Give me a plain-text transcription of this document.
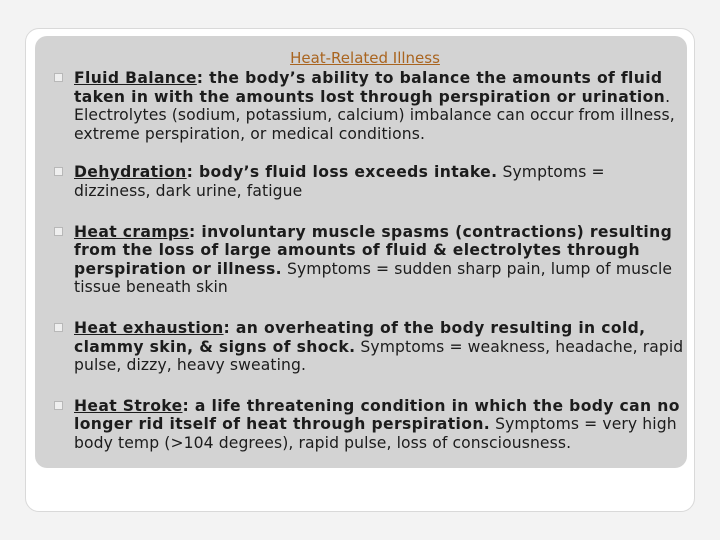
Heat-Related Illness
Fluid Balance: the body’s ability to balance the amounts of fluid taken in with the amounts lost through perspiration or urination. Electrolytes (sodium, potassium, calcium) imbalance can occur from illness, extreme perspiration, or medical conditions.
Dehydration: body’s fluid loss exceeds intake. Symptoms = dizziness, dark urine, fatigue
Heat cramps: involuntary muscle spasms (contractions) resulting from the loss of large amounts of fluid & electrolytes through perspiration or illness. Symptoms = sudden sharp pain, lump of muscle tissue beneath skin
Heat exhaustion: an overheating of the body resulting in cold, clammy skin, & signs of shock. Symptoms = weakness, headache, rapid pulse, dizzy, heavy sweating.
Heat Stroke: a life threatening condition in which the body can no longer rid itself of heat through perspiration. Symptoms = very high body temp (>104 degrees), rapid pulse, loss of consciousness.
